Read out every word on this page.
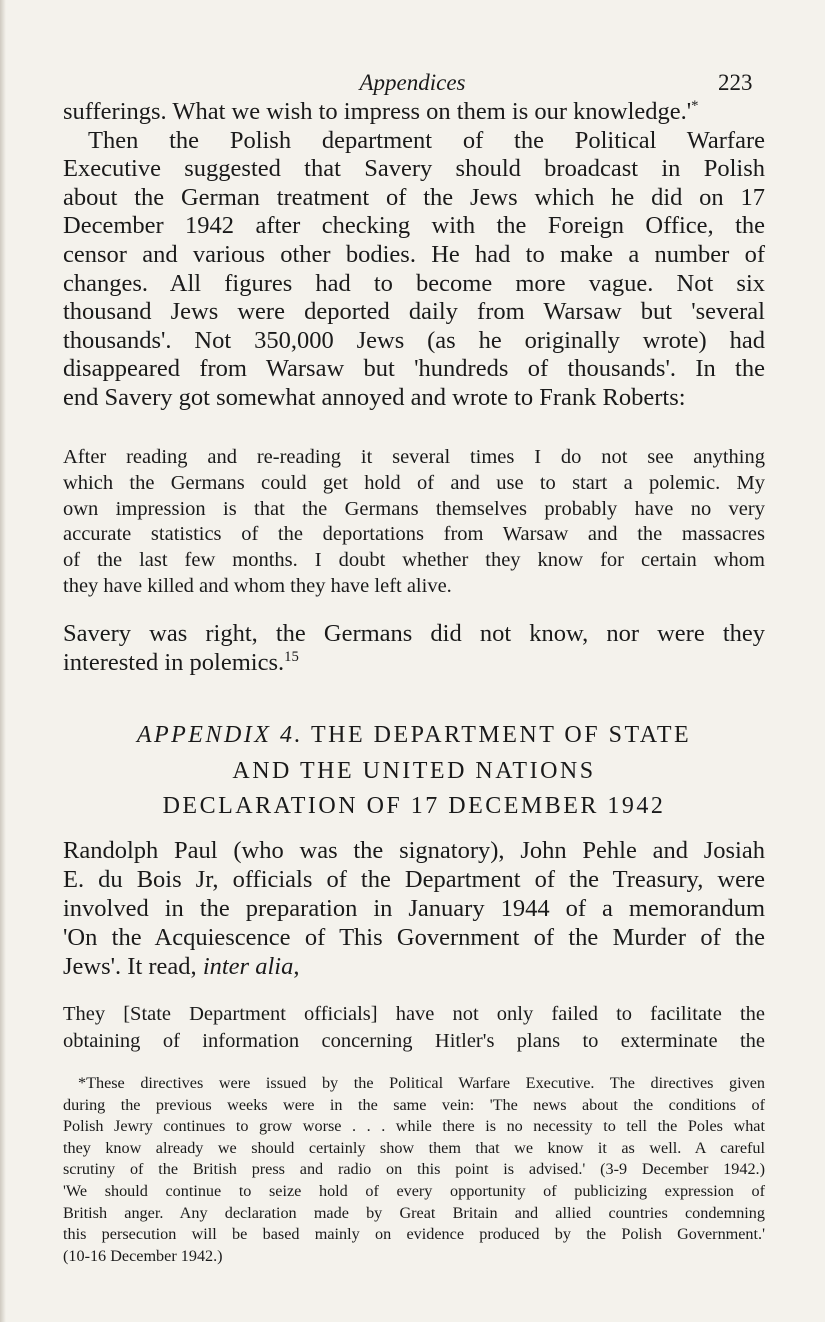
Appendices	223
sufferings. What we wish to impress on them is our knowledge.'*
Then the Polish department of the Political Warfare
Executive suggested that Savery should broadcast in Polish
about the German treatment of the Jews which he did on 17
December 1942 after checking with the Foreign Office, the
censor and various other bodies. He had to make a number of
changes. All figures had to become more vague. Not six
thousand Jews were deported daily from Warsaw but 'several
thousands'. Not 350,000 Jews (as he originally wrote) had
disappeared from Warsaw but 'hundreds of thousands'. In the
end Savery got somewhat annoyed and wrote to Frank Roberts:
After reading and re-reading it several times I do not see anything
which the Germans could get hold of and use to start a polemic. My
own impression is that the Germans themselves probably have no very
accurate statistics of the deportations from Warsaw and the massacres
of the last few months. I doubt whether they know for certain whom
they have killed and whom they have left alive.
Savery was right, the Germans did not know, nor were they
interested in polemics.$^{15}$
APPENDIX 4. THE DEPARTMENT OF STATE
AND THE UNITED NATIONS
DECLARATION OF 17 DECEMBER 1942
Randolph Paul (who was the signatory), John Pehle and Josiah
E. du Bois Jr, officials of the Department of the Treasury, were
involved in the preparation in January 1944 of a memorandum
'On the Acquiescence of This Government of the Murder of the
Jews'. It read, inter alia,
They [State Department officials] have not only failed to facilitate the
obtaining of information concerning Hitler's plans to exterminate the
*These directives were issued by the Political Warfare Executive. The directives given
during the previous weeks were in the same vein: 'The news about the conditions of
Polish Jewry continues to grow worse . . . while there is no necessity to tell the Poles what
they know already we should certainly show them that we know it as well. A careful
scrutiny of the British press and radio on this point is advised.' (3-9 December 1942.)
'We should continue to seize hold of every opportunity of publicizing expression of
British anger. Any declaration made by Great Britain and allied countries condemning
this persecution will be based mainly on evidence produced by the Polish Government.'
(10-16 December 1942.)
